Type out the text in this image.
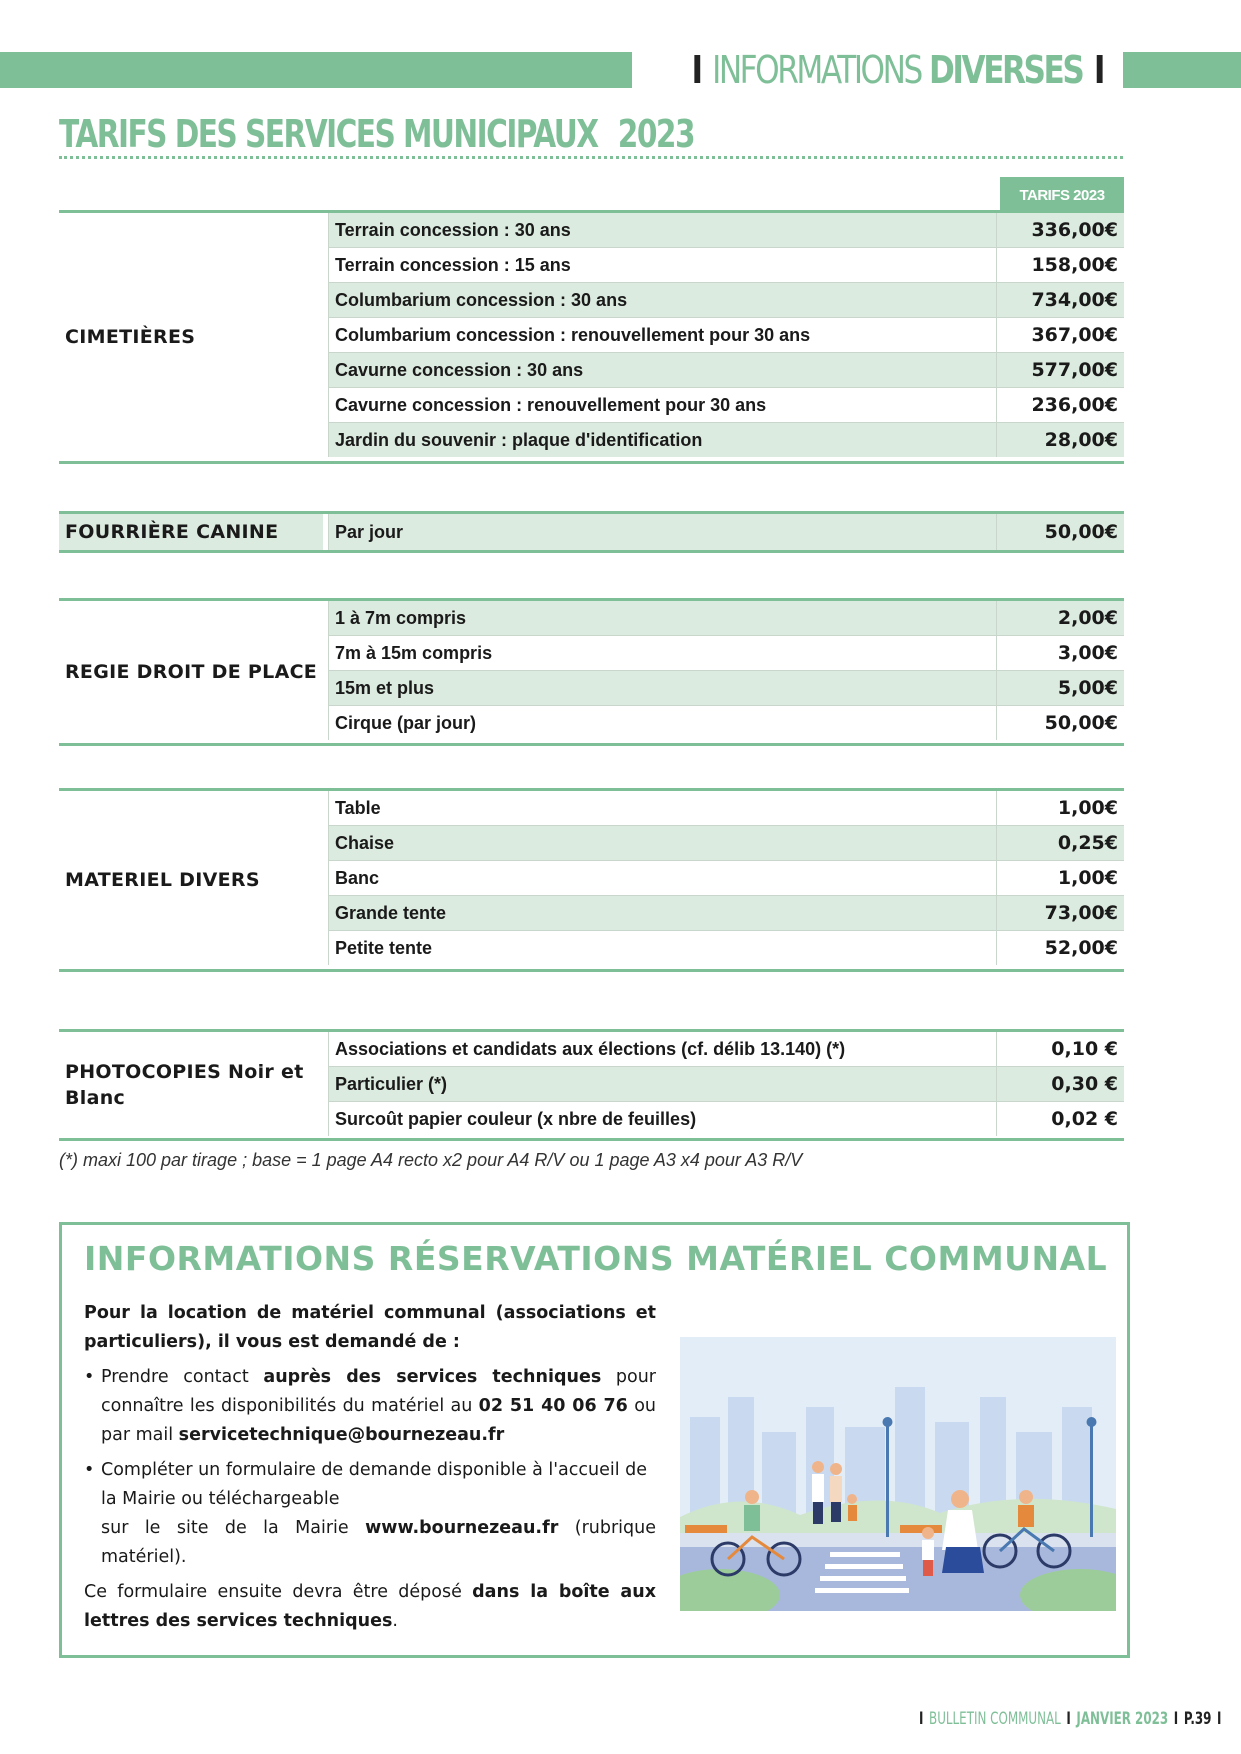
I INFORMATIONS DIVERSES I
TARIFS DES SERVICES MUNICIPAUX 2023
TARIFS 2023
CIMETIÈRES
Terrain concession : 30 ans	336,00€
Terrain concession : 15 ans	158,00€
Columbarium concession : 30 ans	734,00€
Columbarium concession : renouvellement pour 30 ans	367,00€
Cavurne concession : 30 ans	577,00€
Cavurne concession : renouvellement pour 30 ans	236,00€
Jardin du souvenir : plaque d'identification	28,00€
FOURRIÈRE CANINE	Par jour	50,00€
REGIE DROIT DE PLACE
1 à 7m compris	2,00€
7m à 15m compris	3,00€
15m et plus	5,00€
Cirque (par jour)	50,00€
MATERIEL DIVERS
Table	1,00€
Chaise	0,25€
Banc	1,00€
Grande tente	73,00€
Petite tente	52,00€
PHOTOCOPIES Noir et Blanc
Associations et candidats aux élections (cf. délib 13.140) (*)	0,10 €
Particulier (*)	0,30 €
Surcoût papier couleur (x nbre de feuilles)	0,02 €
(*) maxi 100 par tirage ; base = 1 page A4 recto x2 pour A4 R/V ou 1 page A3 x4 pour A3 R/V
INFORMATIONS RÉSERVATIONS MATÉRIEL COMMUNAL

Pour la location de matériel communal (associations et particuliers), il vous est demandé de :

• Prendre contact auprès des services techniques pour connaître les disponibilités du matériel au 02 51 40 06 76 ou par mail servicetechnique@bournezeau.fr
• Compléter un formulaire de demande disponible à l'accueil de la Mairie ou téléchargeable
sur le site de la Mairie www.bournezeau.fr (rubrique matériel).

Ce formulaire ensuite devra être déposé dans la boîte aux lettres des services techniques.

I BULLETIN COMMUNAL I JANVIER 2023 I P.39 I
